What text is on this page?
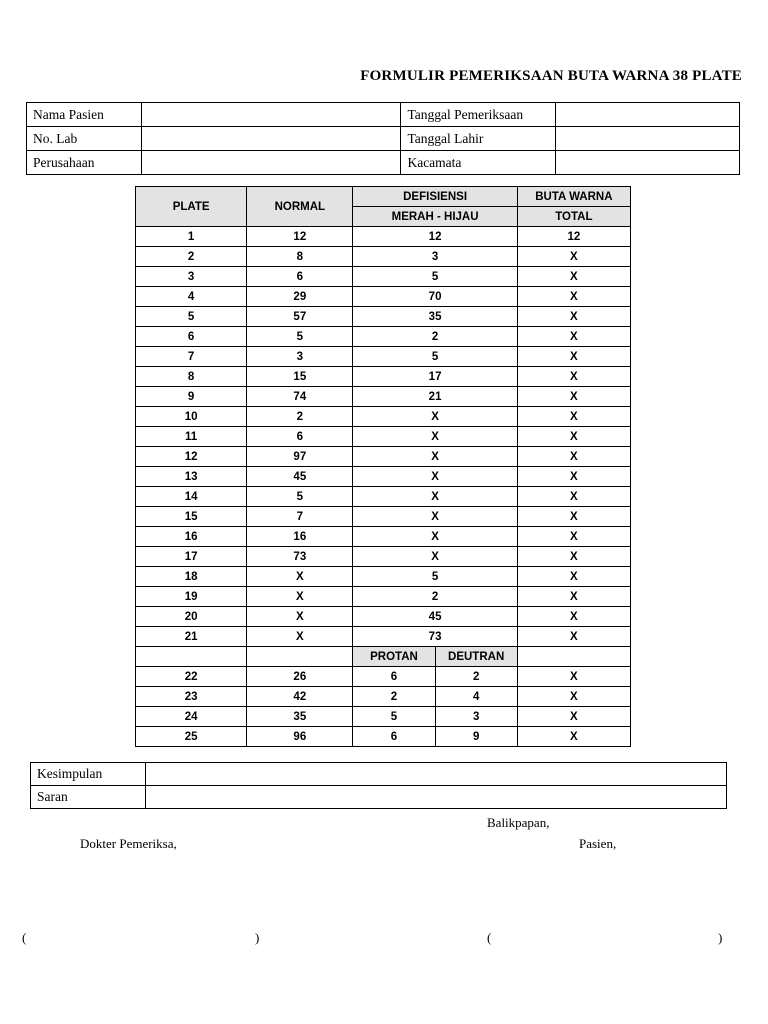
FORMULIR PEMERIKSAAN BUTA WARNA 38 PLATE
Nama Pasien		Tanggal Pemeriksaan	
No. Lab		Tanggal Lahir	
Perusahaan		Kacamata	
PLATE	NORMAL	DEFISIENSI		BUTA WARNA
		MERAH - HIJAU		TOTAL
1	12	12		12
2	8	3		X
3	6	5		X
4	29	70		X
5	57	35		X
6	5	2		X
7	3	5		X
8	15	17		X
9	74	21		X
10	2	X		X
11	6	X		X
12	97	X		X
13	45	X		X
14	5	X		X
15	7	X		X
16	16	X		X
17	73	X		X
18	X	5		X
19	X	2		X
20	X	45		X
21	X	73		X
		PROTAN	DEUTRAN	
22	26	6	2	X
23	42	2	4	X
24	35	5	3	X
25	96	6	9	X
Kesimpulan	
Saran	
Balikpapan,
Dokter Pemeriksa,	Pasien,
(	)	(	)
